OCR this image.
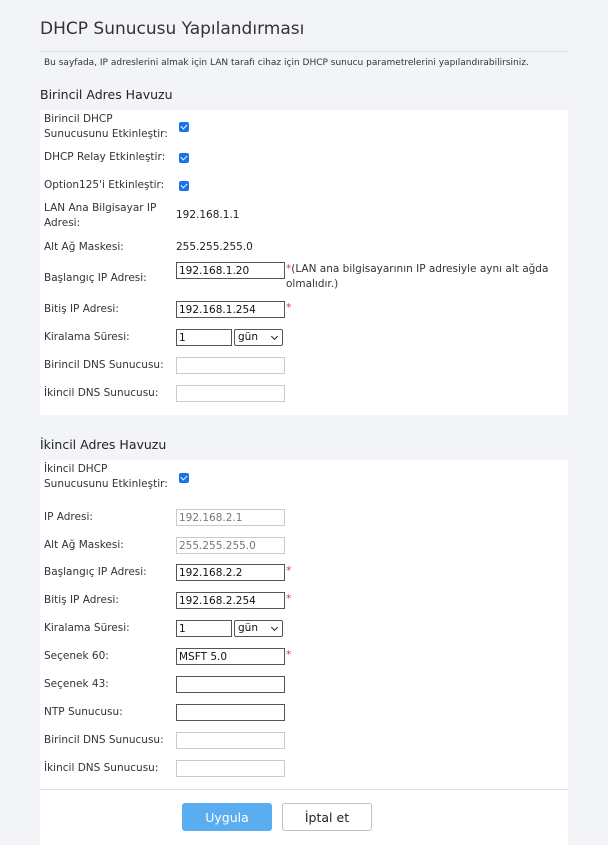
DHCP Sunucusu Yapılandırması
Bu sayfada, IP adreslerini almak için LAN tarafı cihaz için DHCP sunucu parametrelerini yapılandırabilirsiniz.
Birincil Adres Havuzu
Birincil DHCP Sunucusunu Etkinleştir:
DHCP Relay Etkinleştir:
Option125'i Etkinleştir:
LAN Ana Bilgisayar IP Adresi:
192.168.1.1
Alt Ağ Maskesi:	255.255.255.0
Başlangıç IP Adresi:
192.168.1.20
*(LAN ana bilgisayarının IP adresiyle aynı alt ağda olmalıdır.)
Bitiş IP Adresi:
192.168.1.254	*
Kiralama Süresi:
1	gün
Birincil DNS Sunucusu:
İkincil DNS Sunucusu:
İkincil Adres Havuzu
İkincil DHCP Sunucusunu Etkinleştir:
IP Adresi:
192.168.2.1
Alt Ağ Maskesi:
255.255.255.0
Başlangıç IP Adresi:
192.168.2.2	*
Bitiş IP Adresi:
192.168.2.254	*
Kiralama Süresi:
1	gün
Seçenek 60:
MSFT 5.0	*
Seçenek 43:
NTP Sunucusu:
Birincil DNS Sunucusu:
İkincil DNS Sunucusu:
Uygula	İptal et
